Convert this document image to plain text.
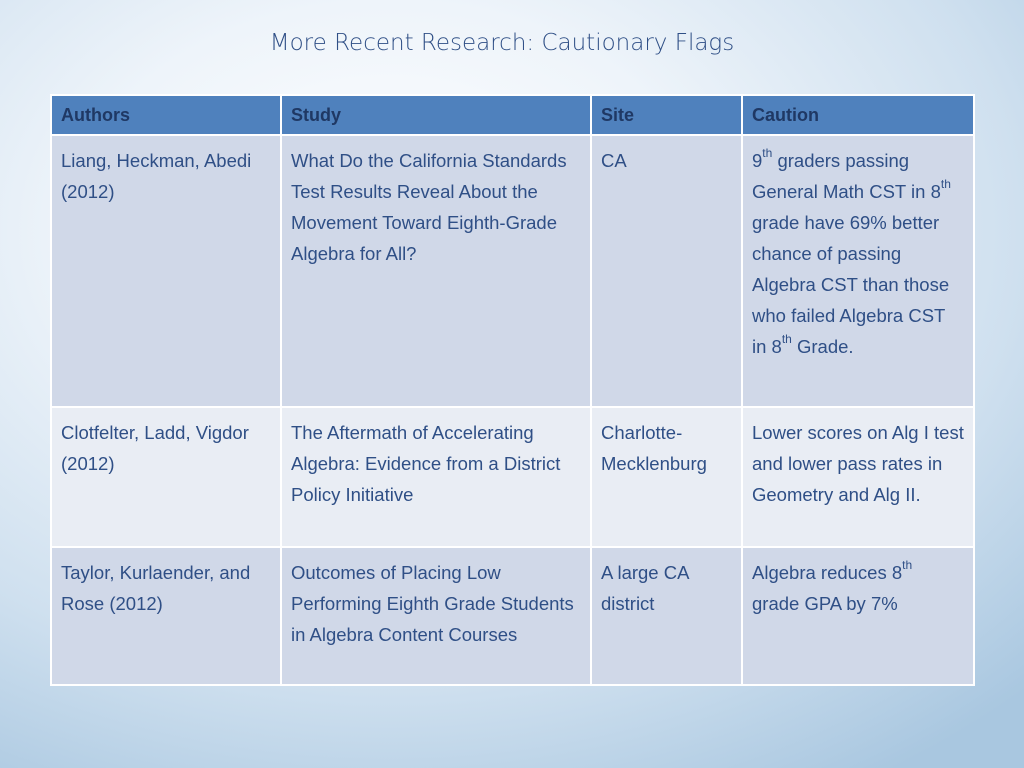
More Recent Research: Cautionary Flags
Authors	Study	Site	Caution
Liang, Heckman, Abedi (2012)	What Do the California Standards Test Results Reveal About the Movement Toward Eighth-Grade Algebra for All?	CA	9th graders passing General Math CST in 8th grade have 69% better chance of passing Algebra CST than those who failed Algebra CST in 8th Grade.
Clotfelter, Ladd, Vigdor (2012)	The Aftermath of Accelerating Algebra: Evidence from a District Policy Initiative	Charlotte-Mecklenburg	Lower scores on Alg I test and lower pass rates in Geometry and Alg II.
Taylor, Kurlaender, and Rose (2012)	Outcomes of Placing Low Performing Eighth Grade Students in Algebra Content Courses	A large CA district	Algebra reduces 8th grade GPA by 7%
